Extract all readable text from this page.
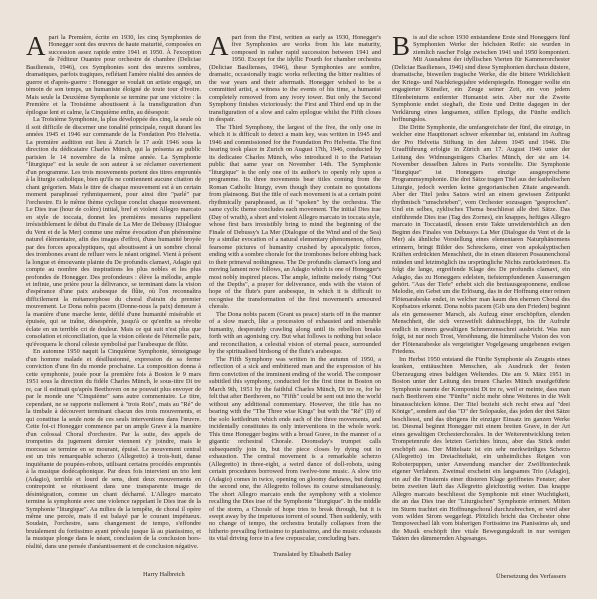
A part la Première, écrite en 1930, les cinq Symphonies de Honegger sont des œuvres de haute maturité, composées en succession assez rapide entre 1941 et 1950. À l'exception de l'éditeur Ouantre pour orchestre de chambre (Deliciae Basiliensis, 1946), ces Symphonies sont des œuvres sombres, dramatiques, parfois tragiques, reflétant l'amère réalité des années de guerre et d'après-guerre : Honegger se voulait un artiste engagé, un témoin de son temps, un humaniste éloigné de toute tour d'ivoire. Mais seule la Deuxième Symphonie se termine par une victoire : la Première et la Troisième aboutissent à la transfiguration d'un épilogue lent et calme, la Cinquième enfin, au désespoir.

La Troisième Symphonie, la plus développée des cinq, la seule où il soit difficile de discerner une tonalité principale, requit durant les années 1945 et 1946 sur commande de la Fondation Pro Helvetia. La première audition eut lieu à Zurich le 17 août 1946 sous la direction du dédicataire Charles Münch, qui la présenta au public parisien le 14 novembre de la même année. La Symphonie "liturgique" est la seule de son auteur à se réclamer ouvertement d'un programme. Les trois mouvements portent des titres empruntés à la liturgie catholique, bien qu'ils ne contiennent aucune citation de chant grégorien. Mais le titre de chaque mouvement est à un certain moment paraphrasé rythmiquement, pour ainsi dire "parlé" par l'orchestre. Et le même thème cyclique conclut chaque mouvement. Le Dies irae (hour de colère) initial, bref et violent Allegro marcato en style de toccata, donnet les premières mesures rappellent irrésistiblement le début du Finale de La Mer de Debussy (Dialogue du Vent et de la Mer) comme une même évocation d'un phénomène naturel élémentaire, afin des images d'effroi, d'une humanité broyée par des forces apocalyptiques, qui aboutissent à un sombre choral des trombones avant de refluer vers le néant originel. Vient à présent la longue et émouvante plainte du De profundis clamavi, Adagio qui compte au nombre des inspirations les plus nobles et les plus profondes de Honegger. Des profondeurs : élève la mélodie, ample et infinie, une prière pour la délivrance, se terminant dans la vision d'espérance d'une paix arabesque de flûte, où l'on reconnaîtra difficilement la métamorphose du choral d'airain du premier mouvement. Le Dona nobis pacem (Donne-nous la paix) demeure à la manière d'une marche lente, défilé d'une humanité misérable et épuisée, qui se traîne, désespérée, jusqu'à ce qu'enfin sa révolte éclate en un terrible cri de douleur. Mais ce qui suit n'est plus que consolation et réconciliation, que la vision céleste de l'éternelle paix, qu'évoquera le choral céleste symbolisé par l'arabesque de flûte.

En automne 1950 naquit la Cinquième Symphonie, témoignage d'un homme malade et désillusionné, expression de sa ferme conviction d'une fin du monde prochaine. La composition donna à cette symphonie, jouée pour la première fois à Boston le 9 mars 1951 sous la direction du fidèle Charles Münch, le sous-titre Di tre re, car il estimait qu'après Beethoven on ne pouvait plus envoyer de par le monde une "Cinquième" sans autre commentaire. Le titre, cependant, ne se rapporte nullement à "trois Rois", mais au "Ré" de la timbale à découvert terminant chacun des trois mouvements, et qui constitue la seule note de ces seuls interventions dans l'œuvre. Cette foi-ci Honegger commence par un ample Grave à la manière d'un colossal Choral d'orchestre. Par la suite, des appels de trompettes du jugement dernier viennent s'y joindre, mais le morceau se termine en se mourant, épuisé. Le mouvement central est un très remarquable scherzo (Allegretto) à trois-huit, danse inquiétante de poupées-robots, utilisant certains procédés empruntés à la musique dodécaphonique. Par deux fois intervient un trio lent (Adagio), terrible et lourd de sens, dont deux mouvements en contrepoint se réunissent dans une transparente image de désintégration, comme un chant décharné. L'Allegro marcato termine la symphonie avec une violence rappelant le Dies irae de la Symphonie "liturgique". Au milieu de la tempête, de choral il opère même une percée, mais il est balayé par le courant impétueux. Soudain, l'orchestre, sans changement de tempo, s'effondre brutalement du fortissimo ayant prévalu jusque là au pianissimo, et la musique plonge dans le néant, conclusion de la conclusion hors-réalité, dans une pensée d'anéantissement et de conclusion négative.

Harry Halbreich
A part from the First, written as early as 1930, Honegger's five Symphonies are works from his late maturity, composed in rather rapid succession between 1941 and 1950. Except for the idyllic Fourth for chamber orchestra (Deliciae Basilienses, 1946), these Symphonies are sombre, dramatic, occasionally tragic works reflecting the bitter realities of the war years and their aftermath. Honegger wished to be a committed artist, a witness to the events of his time, a humanist completely removed from any ivory tower. But only the Second Symphony finishes victoriously: the First and Third end up in the transfiguration of a slow and calm epilogue whilst the Fifth closes in despair.

The Third Symphony, the largest of the five, the only one in which it is difficult to detect a main key, was written in 1945 and 1946 and commissioned for the Foundation Pro Helvetia. The first hearing took place in Zurich on August 17th, 1946, conducted by its dedicatee Charles Münch, who introduced it to the Parisian public that same year on November 14th. The Symphonie "liturgique" is the only one of its author's to openly rely upon a programme. Its three movements bear titles coming from the Roman Catholic liturgy, even though they contain no quotations from plainsong. But the title of each movement is at a certain point rhythmically paraphrased, as if "spoken" by the orchestra. The same cyclic theme concludes each movement. The initial Dies irae (Day of wrath), a short and violent Allegro marcato in toccata style, whose first bars irresistibly bring to mind the beginning of the Finale of Debussy's La Mer (Dialogue of the Wind and of the Sea) by a similar evocation of a natural elementary phenomenon, offers fearsome pictures of humanity crushed by apocalyptic forces, ending with a sombre chorale for the trombones before ebbing back to their primeval nothingness. The De profundis clamavi's long and moving lament now follows, an Adagio which is one of Honegger's most nobly inspired pieces. The ample, infinite melody rising "Out of the Depths", a prayer for deliverance, ends with the vision of hope of the flute's pure arabesque, in which it is difficult to recognise the transformation of the first movement's armoured chorale.

The Dona nobis pacem (Grant us peace) starts off in the manner of a slow march, like a procession of exhausted and miserable humanity, desperately crawling along until its rebellion breaks forth with an agonising cry. But what follows is nothing but solace and reconciliation, a celestial vision of eternal peace, surrounded by the spiritualised birdsong of the flute's arabesque.

The Fifth Symphony was written in the autumn of 1950, a reflection of a sick and embittered man and the expression of his firm conviction of the imminent ending of the world. The composer subtitled this symphony, conducted for the first time in Boston on March 9th, 1951 by the faithful Charles Münch, Di tre re, for he felt that after Beethoven, no "Fifth" could be sent out into the world without any additional commentary. However, the title has no bearing with the "The Three wise Kings" but with the "Ré" (D) of the solo kettledrum which ends each of the three movements, and incidentally constitutes its only interventions in the whole work. This time Honegger begins with a broad Grave, in the manner of a gigantic orchestral Chorale. Doomsday's trumpet calls subsequently join in, but the piece closes by dying out in exhaustion. The central movement is a remarkable scherzo (Allegretto) in three-eight, a weird dance of doll-robots, using certain procedures borrowed from twelve-tone music. A slow trio (Adagio) comes in twice, opening on gloomy darkness, but during the second one, the Allegretto follows its course simultaneously. The short Allegro marcato ends the symphony with a violence recalling the Dies irae of the Symphonie "liturgique". In the middle of the storm, a Chorale of hope tries to break through, but it is swept away by the impetuous torrent of sound. Then suddenly, with no change of tempo, the orchestra brutally collapses from the hitherto prevailing fortissimo to pianissimo, and the music exhausts its vital driving force in a few crepuscular, concluding bars.

Translated by Elisabeth Bailey
B is auf die schon 1930 entstandene Erste sind Honeggers fünf Symphonien Werke der höchsten Reife: sie wurden in ziemlich rascher Folge zwischen 1941 und 1950 komponiert. Mit Ausnahme der idyllischen Vierten für Kammerorchester (Deliciae Basilienses, 1946) sind diese Symphonien durchaus düstere, dramatische, bisweilen tragische Werke, die die bittere Wirklichkeit der Kriegs- und Nachkriegsjahre widerspiegeln. Honegger wollte ein engagierter Künstler, ein Zeuge seiner Zeit, ein von jedem Elfenbeinturm entfernter Humanist sein. Aber nur die Zweite Symphonie endet sieghaft, die Erste und Dritte dagegen in der Verklärung eines langsamen, stillen Epilogs, die Fünfte endlich hoffnungslos.

Die Dritte Symphonie, die umfangreichste der fünf, die einzige, in welcher eine Haupttonart schwer erkennbar ist, entstand im Auftrag der Pro Helvetia Stiftung in den Jahren 1945 und 1946. Die Uraufführung erfolgte in Zürich am 17. August 1946 unter der Leitung des Widmungsträgers Charles Münch, der sie am 14. November desselben Jahres in Paris vorstellte. Die Symphonie "liturgique" ist Honeggers einzige ausgesprochene Programmsymphonie. Die drei Sätze tragen Titel aus der katholischen Liturgie, jedoch werden keine gregorianischen Zitate angewandt. Aber der Titel jedes Satzes wird an einem gewissen Zeitpunkt rhythmisch "umschrieben", vom Orchester sozusagen "gesprochen". Und ein selbes, zyklisches Thema beschliesst alle drei Sätze. Das einführende Dies irae (Tag des Zornes), ein knappes, heftiges Allegro marcato in Toccatastil, dessen erste Takte unwiderstehlich an den Beginn des Finales von Debussys La Mer (Dialogue du Vent et de la Mer) als ähnliche Vorstellung eines elementaren Naturphänomens erinnern, bringt Bilder des Schreckens, einer von apokalyptischen Kräften erdrückten Menschheit, die in einen düsteren Posaunenchoral münden und letztmöglich ins ursprüngliche Nichts zurückströmen. Es folgt die lange, ergreifende Klage des De profundis clamavi, ein Adagio, das zu Honeggers edelsten, tiefstempfundenen Äusserungen gehört. "Aus der Tiefe" erhebt sich die breitausgesponnene, endlose Melodie, ein Gebet um die Erlösung, das in der Hoffnung einer reinen Flötenarabeske endet, in welcher man kaum den ehernen Choral des Kopfsatzes erkennt. Dona nobis pacem (Gib uns den Frieden) beginnt als ein gemessener Marsch, als Aufzug einer erschöpften, elenden Menschheit, die sich verzweifelt dahinschleppt, bis ihr Aufruhr endlich in einem gewaltigen Schmerzensschrei ausbricht. Was nun folgt, ist nur noch Trost, Versöhnung, die himmlische Vision des von der Flötenarabeske als vergeistigter Vogelgesang umgebenen ewigen Friedens.

Im Herbst 1950 entstand die Fünfte Symphonie als Zeugnis eines kranken, enttäuschten Menschen, als Ausdruck der festen Überzeugung eines baldigen Weltendes. Die am 9. März 1951 in Boston unter der Leitung des treuen Charles Münch uraufgeführte Symphonie nannte der Komponist Di tre re, weil er meinte, dass man nach Beethoven eine "Fünfte" nicht mehr ohne Weiteres in die Welt hinausschicken könne. Der Titel bezieht sich recht etwa auf "drei Könige", sondern auf das "D" der Solopauke, das jeden der drei Sätze beschliesst, und das übrigens ihr einziger Einsatz im ganzen Werke ist. Diesmal beginnt Honegger mit einem breiten Grave, in der Art eines gewaltigen Orchesterchorales. In der Weiterentwicklung treten Trompetenrufe des letzten Gerichtes hinzu, aber das Stück endet erschöpft aus. Der Mittelsatz ist ein sehr merkwürdiges Scherzo (Allegretto) im Dreiachteltakt, ein unheimliches Reigen von Roboterpuppen, unter Anwendung mancher der Zwölftontechnik eigener Verfahren. Zweimal erscheint ein langsames Trio (Adagio), ein auf die Finsternis einer düsteren Klage geöffnetes Fenster; aber beim zweiten läuft das Allegretto gleichzeitig weiter. Das knappe Allegro marcato beschliesst die Symphonie mit einer Wuchtigkeit, die an das Dies irae der "Liturgischen" Symphonie erinnert. Mitten im Sturm trachtet ein Hoffnungschoral durchzubrechen, er wird aber vom wilden Strom weggefegt. Plötzlich bricht das Orchester ohne Tempowechsel läh vom bisherigen Fortissimo ins Pianissimo ab, und die Musik erschöpft ihre vitale Bewegungskraft in nur wenigen Takten des dämmernden Abgesanges.

Übersetzung des Verfassers
